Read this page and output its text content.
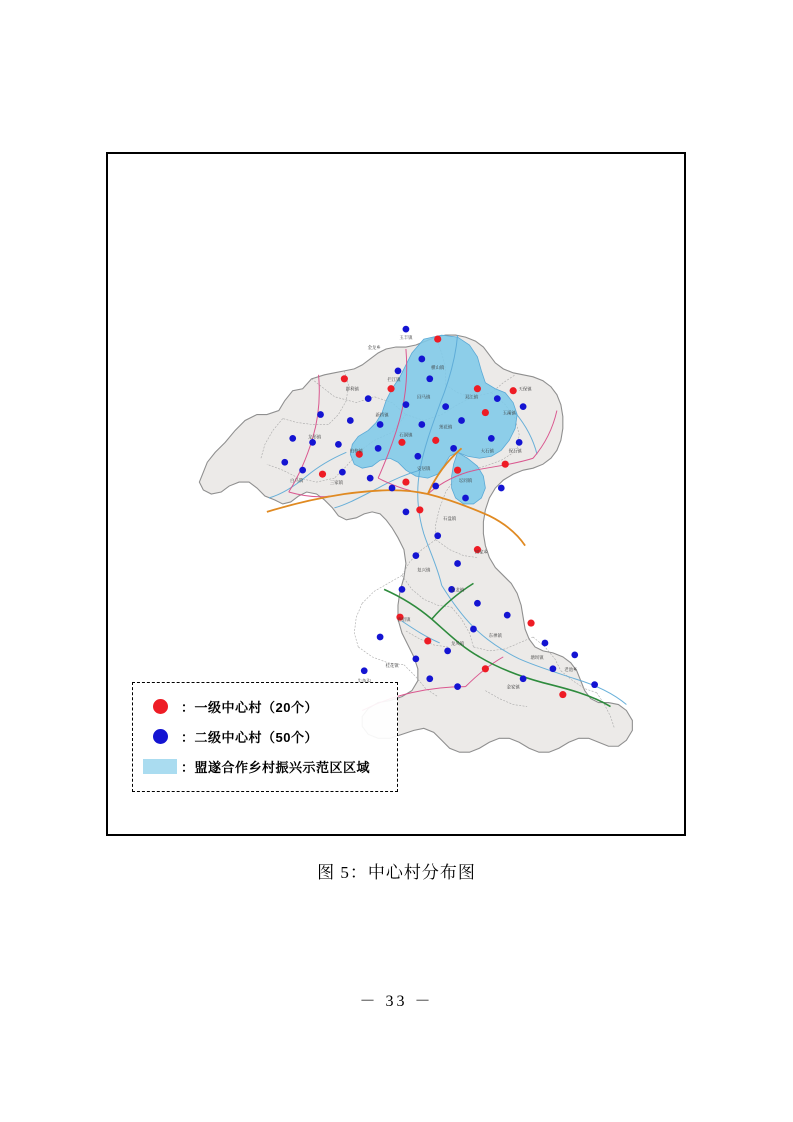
金龙乡
玉丰镇
拦江镇
群利镇
回马镇
横山镇
新桥镇
石洞镇
莲花镇
柏梓镇
龙形镇
安居镇
坛同镇
三家镇
白马镇
大石镇
玉溪镇
天保镇
保石镇
双江镇
石盘镇
田家乡
会龙镇
复兴镇
西眉镇
龙凤镇
东禅镇
塘坝镇
老池乡
桂花镇
金家镇
：一级中心村（20个）
：二级中心村（50个）
：盟遂合作乡村振兴示范区区域
图 5：中心村分布图
－ 33 －
